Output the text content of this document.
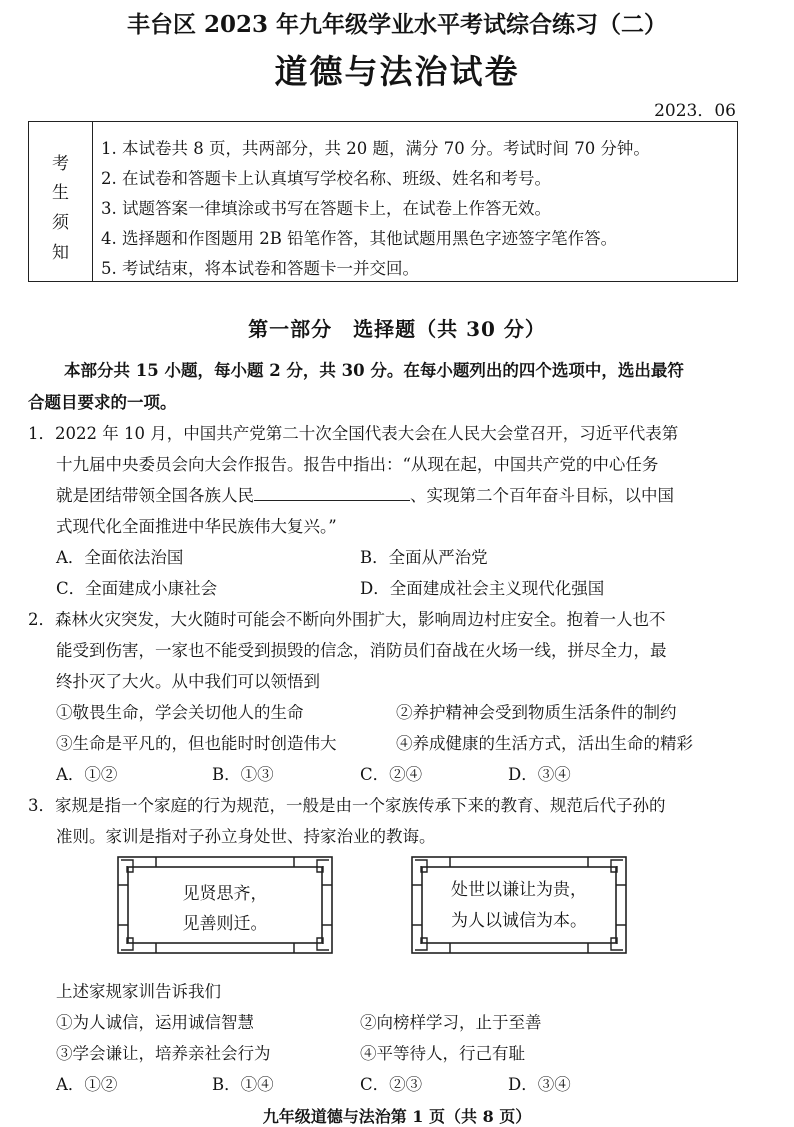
丰台区 2023 年九年级学业水平考试综合练习（二）
道德与法治试卷
2023．06
考
生
须
知
1. 本试卷共 8 页，共两部分，共 20 题，满分 70 分。考试时间 70 分钟。
2. 在试卷和答题卡上认真填写学校名称、班级、姓名和考号。
3. 试题答案一律填涂或书写在答题卡上，在试卷上作答无效。
4. 选择题和作图题用 2B 铅笔作答，其他试题用黑色字迹签字笔作答。
5. 考试结束，将本试卷和答题卡一并交回。
第一部分　选择题（共 30 分）
本部分共 15 小题，每小题 2 分，共 30 分。在每小题列出的四个选项中，选出最符
合题目要求的一项。
1．2022 年 10 月，中国共产党第二十次全国代表大会在人民大会堂召开，习近平代表第
十九届中央委员会向大会作报告。报告中指出：“从现在起，中国共产党的中心任务
就是团结带领全国各族人民	、实现第二个百年奋斗目标，以中国
式现代化全面推进中华民族伟大复兴。”
A．全面依法治国	B．全面从严治党
C．全面建成小康社会	D．全面建成社会主义现代化强国
2．森林火灾突发，大火随时可能会不断向外围扩大，影响周边村庄安全。抱着一人也不
能受到伤害，一家也不能受到损毁的信念，消防员们奋战在火场一线，拼尽全力，最
终扑灭了大火。从中我们可以领悟到
①敬畏生命，学会关切他人的生命	②养护精神会受到物质生活条件的制约
③生命是平凡的，但也能时时创造伟大	④养成健康的生活方式，活出生命的精彩
A．①②	B．①③	C．②④	D．③④
3．家规是指一个家庭的行为规范，一般是由一个家族传承下来的教育、规范后代子孙的
准则。家训是指对子孙立身处世、持家治业的教诲。
见贤思齐，
见善则迁。
处世以谦让为贵，
为人以诚信为本。
上述家规家训告诉我们
①为人诚信，运用诚信智慧	②向榜样学习，止于至善
③学会谦让，培养亲社会行为	④平等待人，行己有耻
A．①②	B．①④	C．②③	D．③④
九年级道德与法治第 1 页（共 8 页）
